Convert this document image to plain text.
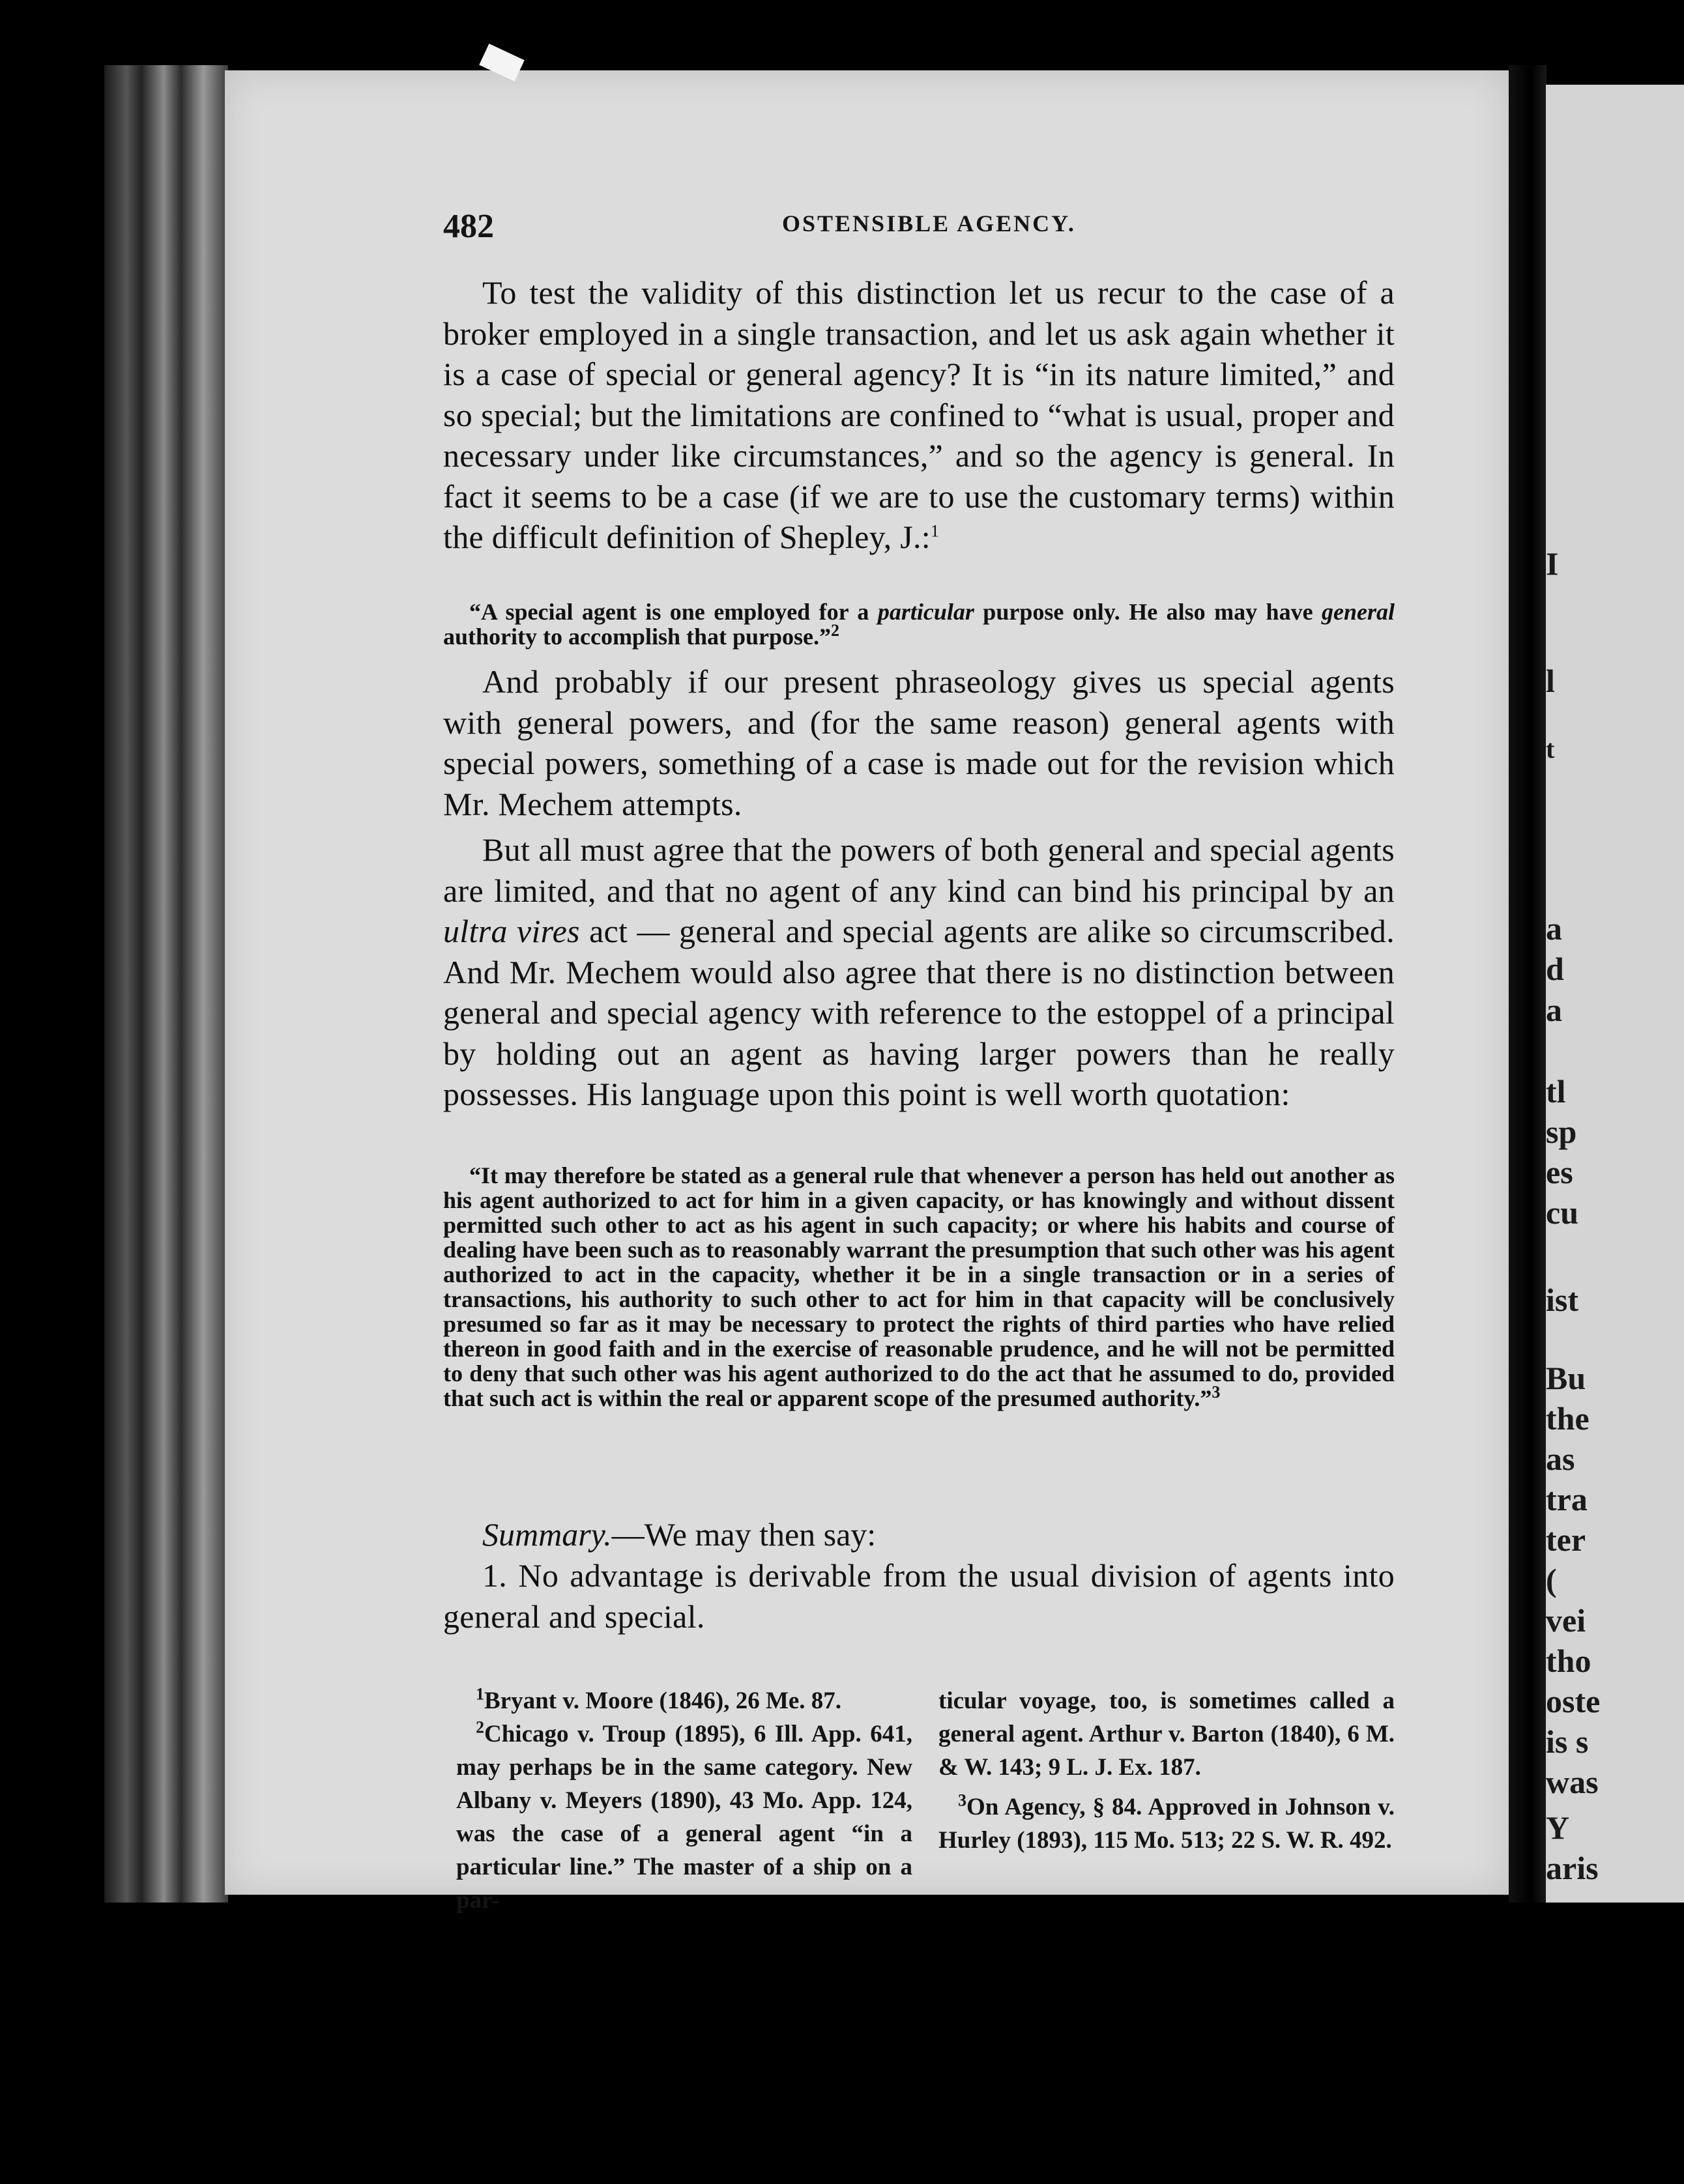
I
l
t
a
d
a
tl
sp
es
cu
ist
Bu
the
as
tra
ter
(
vei
tho
oste
is s
was
Y
aris
482	OSTENSIBLE AGENCY.

To test the validity of this distinction let us recur to the case of a broker employed in a single transaction, and let us ask again whether it is a case of special or general agency? It is “in its nature limited,” and so special; but the limitations are confined to “what is usual, proper and necessary under like circumstances,” and so the agency is general. In fact it seems to be a case (if we are to use the customary terms) within the difficult definition of Shepley, J.:$^1$

“A special agent is one employed for a particular purpose only. He also may have general authority to accomplish that purpose.”$^2$

And probably if our present phraseology gives us special agents with general powers, and (for the same reason) general agents with special powers, something of a case is made out for the revision which Mr. Mechem attempts.

But all must agree that the powers of both general and special agents are limited, and that no agent of any kind can bind his principal by an ultra vires act — general and special agents are alike so circumscribed. And Mr. Mechem would also agree that there is no distinction between general and special agency with reference to the estoppel of a principal by holding out an agent as having larger powers than he really possesses. His language upon this point is well worth quotation:

“It may therefore be stated as a general rule that whenever a person has held out another as his agent authorized to act for him in a given capacity, or has knowingly and without dissent permitted such other to act as his agent in such capacity; or where his habits and course of dealing have been such as to reasonably warrant the presumption that such other was his agent authorized to act in the capacity, whether it be in a single transaction or in a series of transactions, his authority to such other to act for him in that capacity will be conclusively presumed so far as it may be necessary to protect the rights of third parties who have relied thereon in good faith and in the exercise of reasonable prudence, and he will not be permitted to deny that such other was his agent authorized to do the act that he assumed to do, provided that such act is within the real or apparent scope of the presumed authority.”$^3$

Summary.—We may then say:

1. No advantage is derivable from the usual division of agents into general and special.

$^1$Bryant v. Moore (1846), 26 Me. 87.

$^2$Chicago v. Troup (1895), 6 Ill. App. 641, may perhaps be in the same category. New Albany v. Meyers (1890), 43 Mo. App. 124, was the case of a general agent “in a particular line.” The master of a ship on a par-

ticular voyage, too, is sometimes called a general agent. Arthur v. Barton (1840), 6 M. & W. 143; 9 L. J. Ex. 187.

$^3$On Agency, § 84. Approved in Johnson v. Hurley (1893), 115 Mo. 513; 22 S. W. R. 492.
